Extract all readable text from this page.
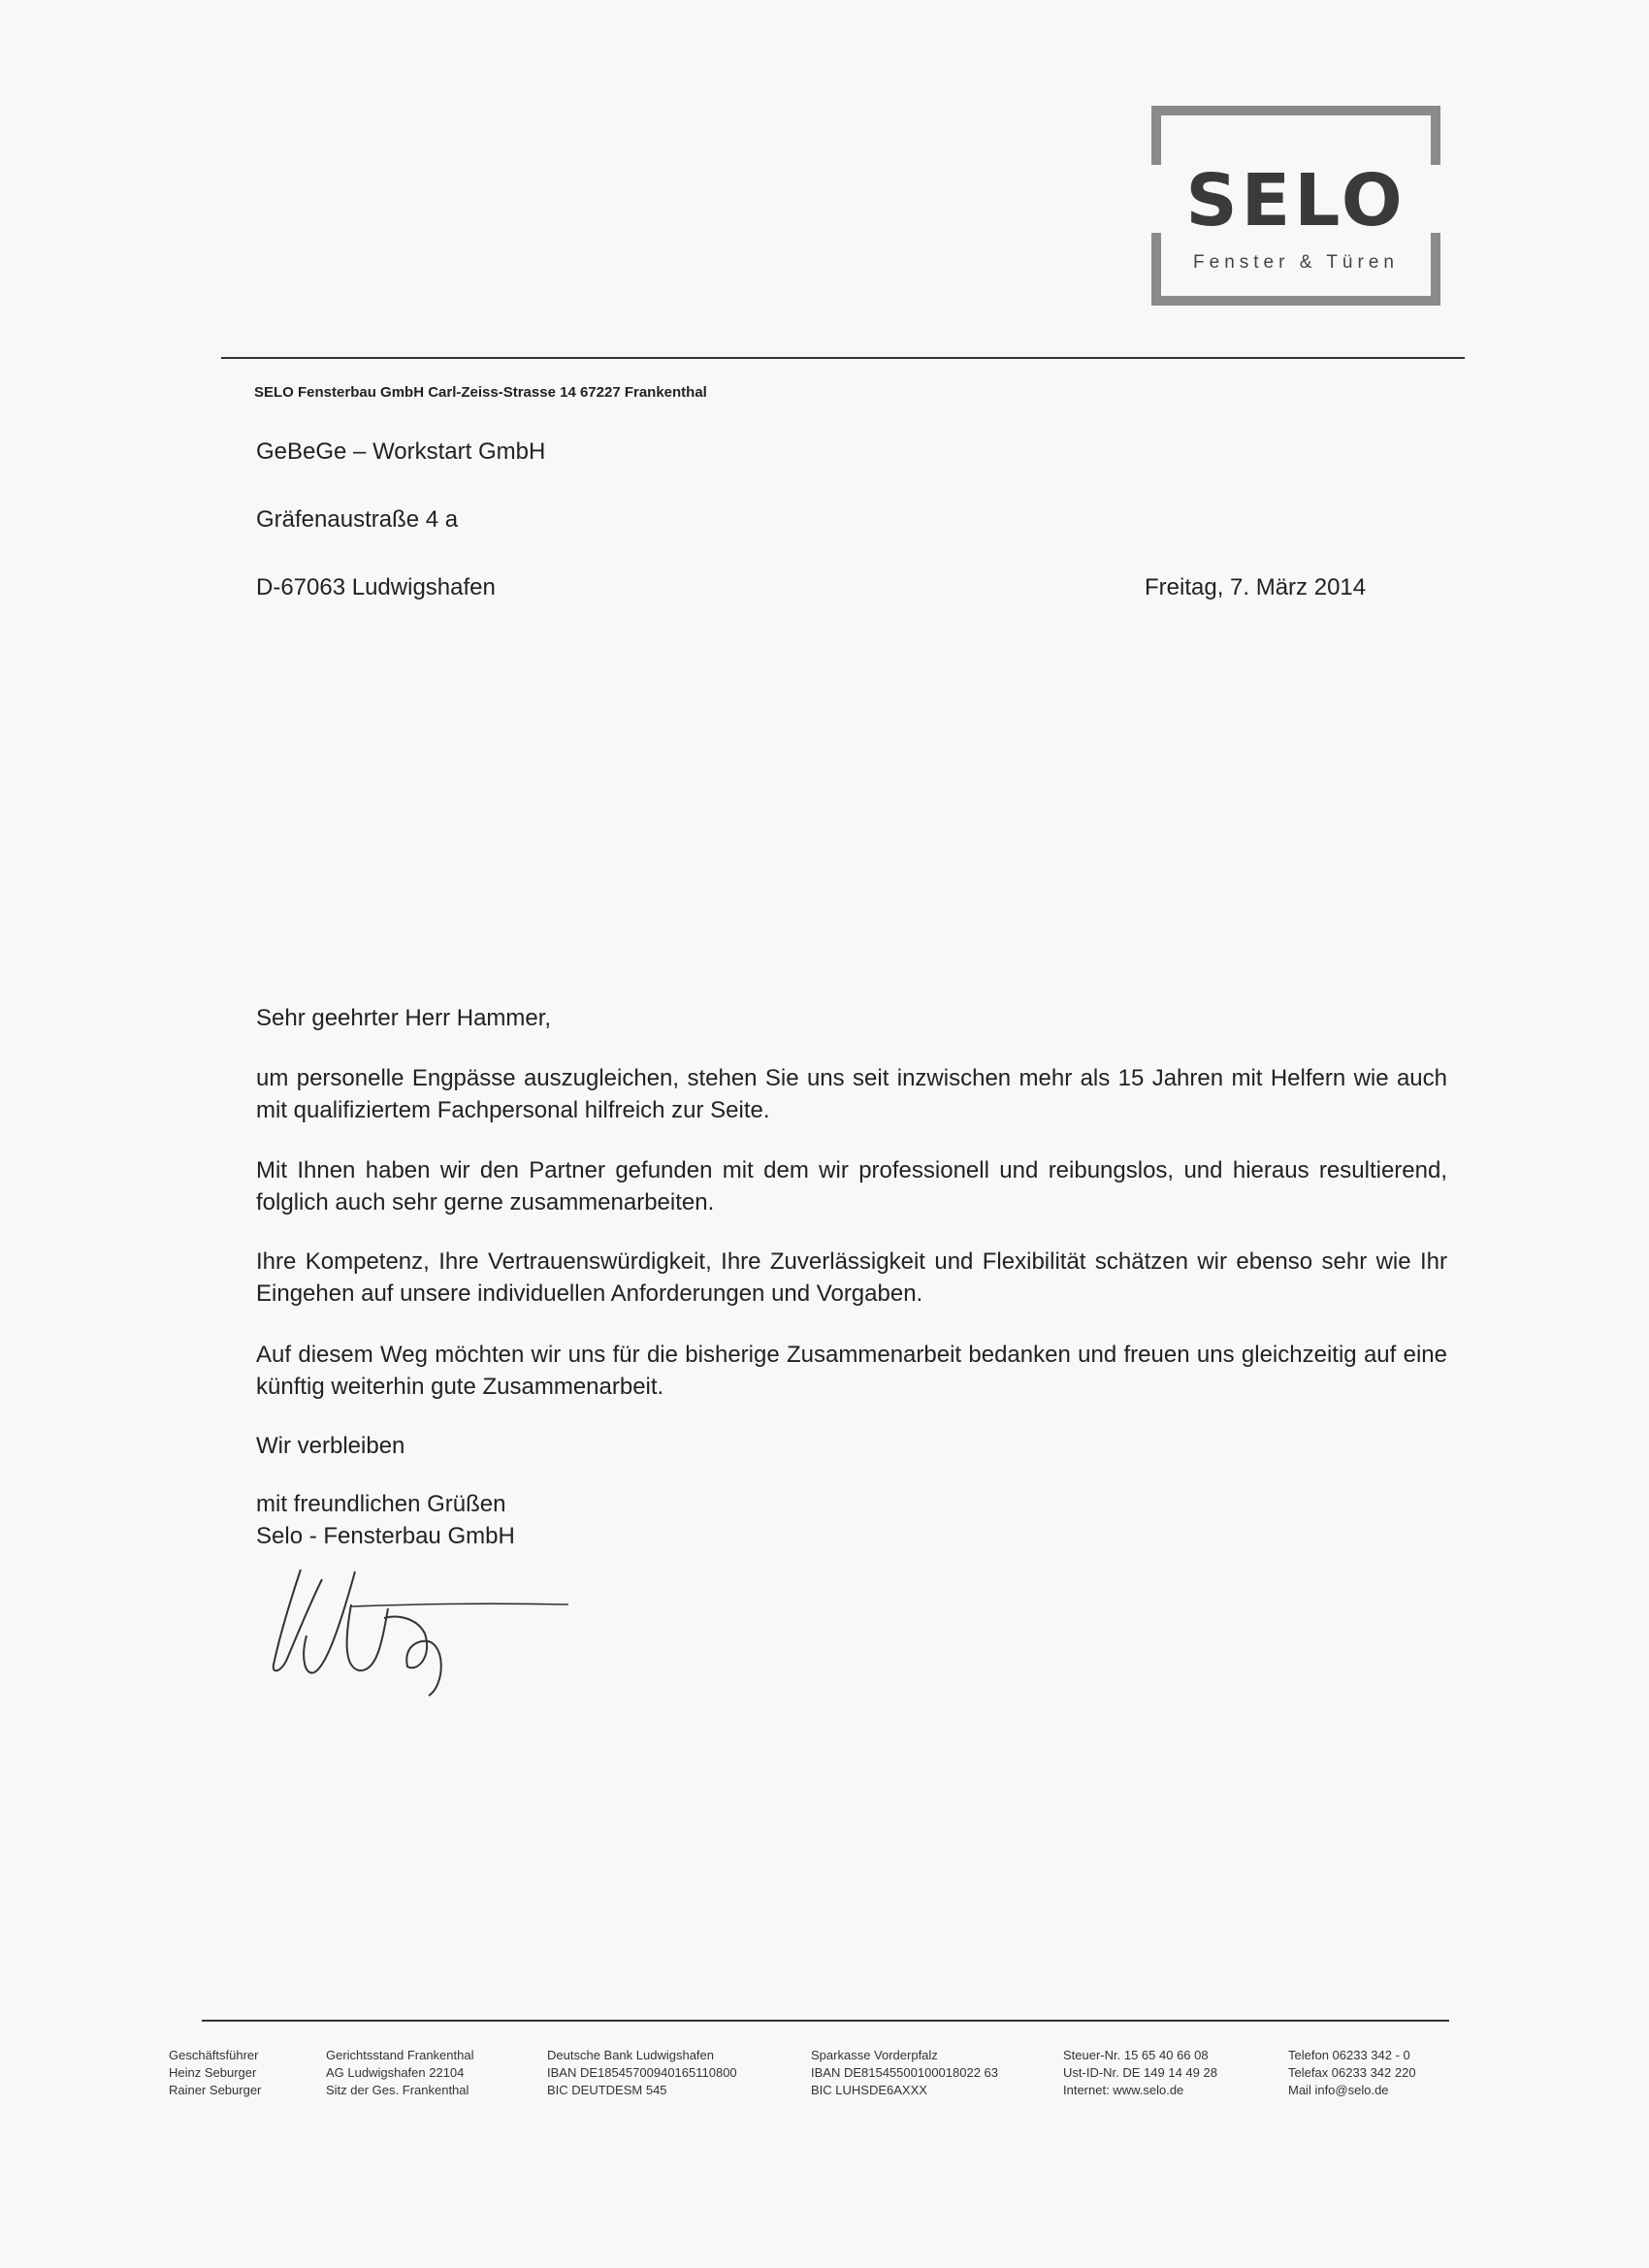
SELO
Fenster & Türen
SELO Fensterbau GmbH Carl-Zeiss-Strasse 14 67227 Frankenthal
GeBeGe – Workstart GmbH
Gräfenaustraße 4 a
D-67063 Ludwigshafen	Freitag, 7. März 2014
Sehr geehrter Herr Hammer,

um personelle Engpässe auszugleichen, stehen Sie uns seit inzwischen mehr als 15 Jahren mit Helfern wie auch mit qualifiziertem Fachpersonal hilfreich zur Seite.

Mit Ihnen haben wir den Partner gefunden mit dem wir professionell und reibungslos, und hieraus resultierend, folglich auch sehr gerne zusammenarbeiten.

Ihre Kompetenz, Ihre Vertrauenswürdigkeit, Ihre Zuverlässigkeit und Flexibilität schätzen wir ebenso sehr wie Ihr Eingehen auf unsere individuellen Anforderungen und Vorgaben.

Auf diesem Weg möchten wir uns für die bisherige Zusammenarbeit bedanken und freuen uns gleichzeitig auf eine künftig weiterhin gute Zusammenarbeit.

Wir verbleiben
mit freundlichen Grüßen
Selo - Fensterbau GmbH
Geschäftsführer
Heinz Seburger
Rainer Seburger
Gerichtsstand Frankenthal
AG Ludwigshafen 22104
Sitz der Ges. Frankenthal
Deutsche Bank Ludwigshafen
IBAN DE18545700940165110800
BIC DEUTDESM 545
Sparkasse Vorderpfalz
IBAN DE81545500100018022 63
BIC LUHSDE6AXXX
Steuer-Nr. 15 65 40 66 08
Ust-ID-Nr. DE 149 14 49 28
Internet: www.selo.de
Telefon 06233 342 - 0
Telefax 06233 342 220
Mail info@selo.de
